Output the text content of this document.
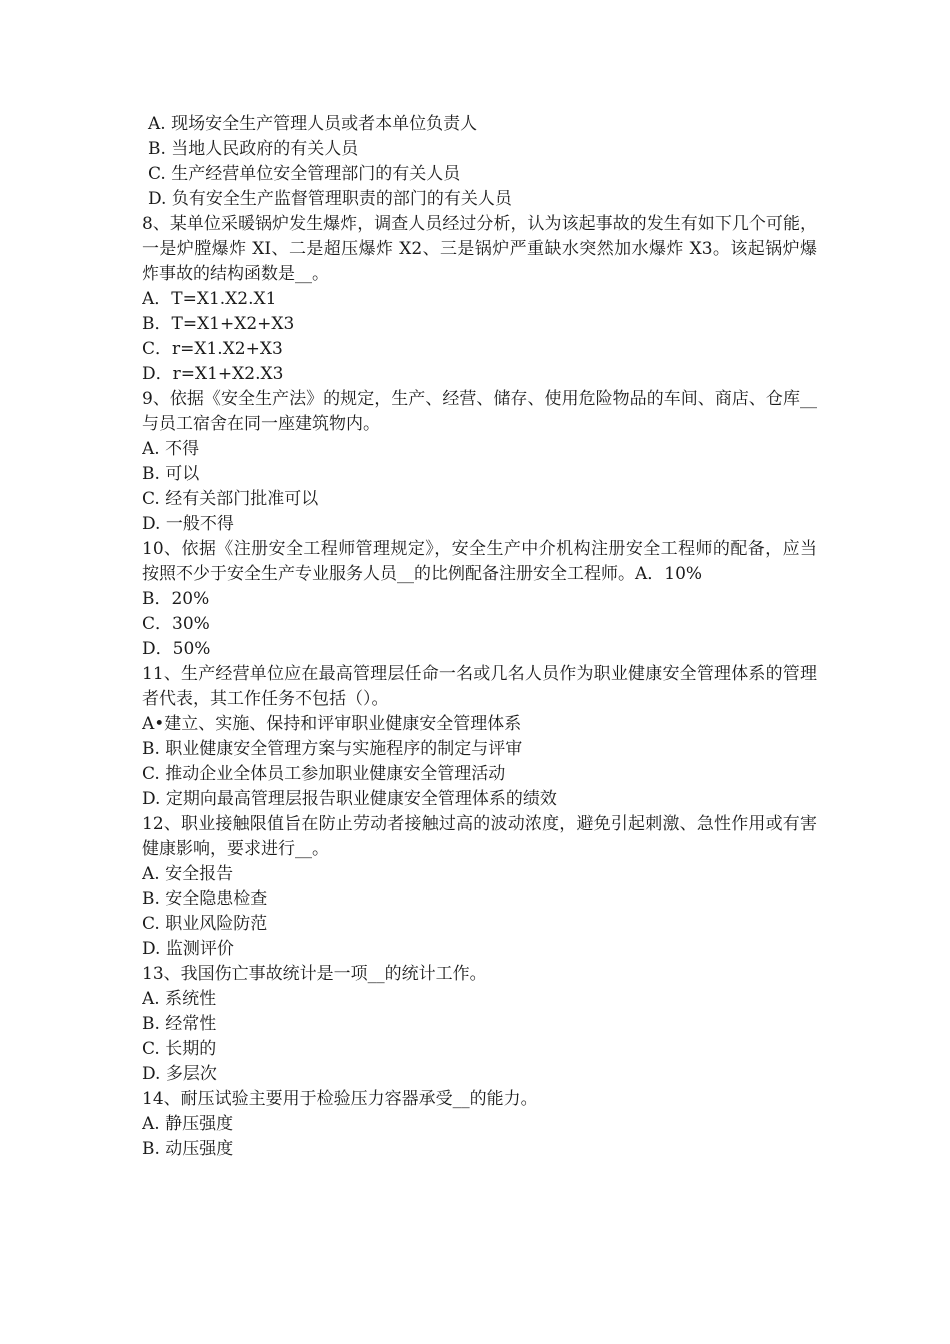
A. 现场安全生产管理人员或者本单位负责人
B. 当地人民政府的有关人员
C. 生产经营单位安全管理部门的有关人员
D. 负有安全生产监督管理职责的部门的有关人员
8、某单位采暖锅炉发生爆炸，调查人员经过分析，认为该起事故的发生有如下几个可能，一是炉膛爆炸 XI、二是超压爆炸 X2、三是锅炉严重缺水突然加水爆炸 X3。该起锅炉爆炸事故的结构函数是__。
A．T=X1.X2.X1
B．T=X1+X2+X3
C．r=X1.X2+X3
D．r=X1+X2.X3
9、依据《安全生产法》的规定，生产、经营、储存、使用危险物品的车间、商店、仓库__与员工宿舍在同一座建筑物内。
A. 不得
B. 可以
C. 经有关部门批准可以
D. 一般不得
10、依据《注册安全工程师管理规定》，安全生产中介机构注册安全工程师的配备，应当按照不少于安全生产专业服务人员__的比例配备注册安全工程师。A．10%
B．20%
C．30%
D．50%
11、生产经营单位应在最高管理层任命一名或几名人员作为职业健康安全管理体系的管理者代表，其工作任务不包括（）。
A•建立、实施、保持和评审职业健康安全管理体系
B. 职业健康安全管理方案与实施程序的制定与评审
C. 推动企业全体员工参加职业健康安全管理活动
D. 定期向最高管理层报告职业健康安全管理体系的绩效
12、职业接触限值旨在防止劳动者接触过高的波动浓度，避免引起刺激、急性作用或有害健康影响，要求进行__。
A. 安全报告
B. 安全隐患检查
C. 职业风险防范
D. 监测评价
13、我国伤亡事故统计是一项__的统计工作。
A. 系统性
B. 经常性
C. 长期的
D. 多层次
14、耐压试验主要用于检验压力容器承受__的能力。
A. 静压强度
B. 动压强度
